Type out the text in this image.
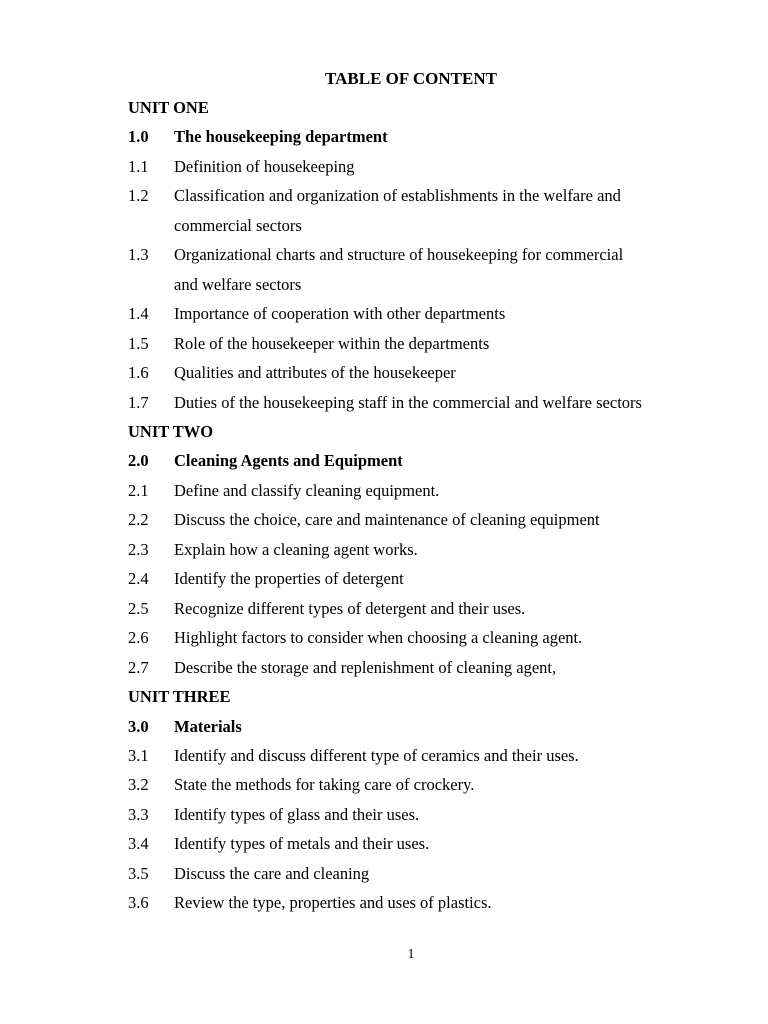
TABLE OF CONTENT
UNIT ONE
1.0 The housekeeping department
1.1 Definition of housekeeping
1.2 Classification and organization of establishments in the welfare and
commercial sectors
1.3 Organizational charts and structure of housekeeping for commercial
and welfare sectors
1.4 Importance of cooperation with other departments
1.5 Role of the housekeeper within the departments
1.6 Qualities and attributes of the housekeeper
1.7 Duties of the housekeeping staff in the commercial and welfare sectors
UNIT TWO
2.0 Cleaning Agents and Equipment
2.1 Define and classify cleaning equipment.
2.2 Discuss the choice, care and maintenance of cleaning equipment
2.3 Explain how a cleaning agent works.
2.4 Identify the properties of detergent
2.5 Recognize different types of detergent and their uses.
2.6 Highlight factors to consider when choosing a cleaning agent.
2.7 Describe the storage and replenishment of cleaning agent,
UNIT THREE
3.0 Materials
3.1 Identify and discuss different type of ceramics and their uses.
3.2 State the methods for taking care of crockery.
3.3 Identify types of glass and their uses.
3.4 Identify types of metals and their uses.
3.5 Discuss the care and cleaning
3.6 Review the type, properties and uses of plastics.
1
